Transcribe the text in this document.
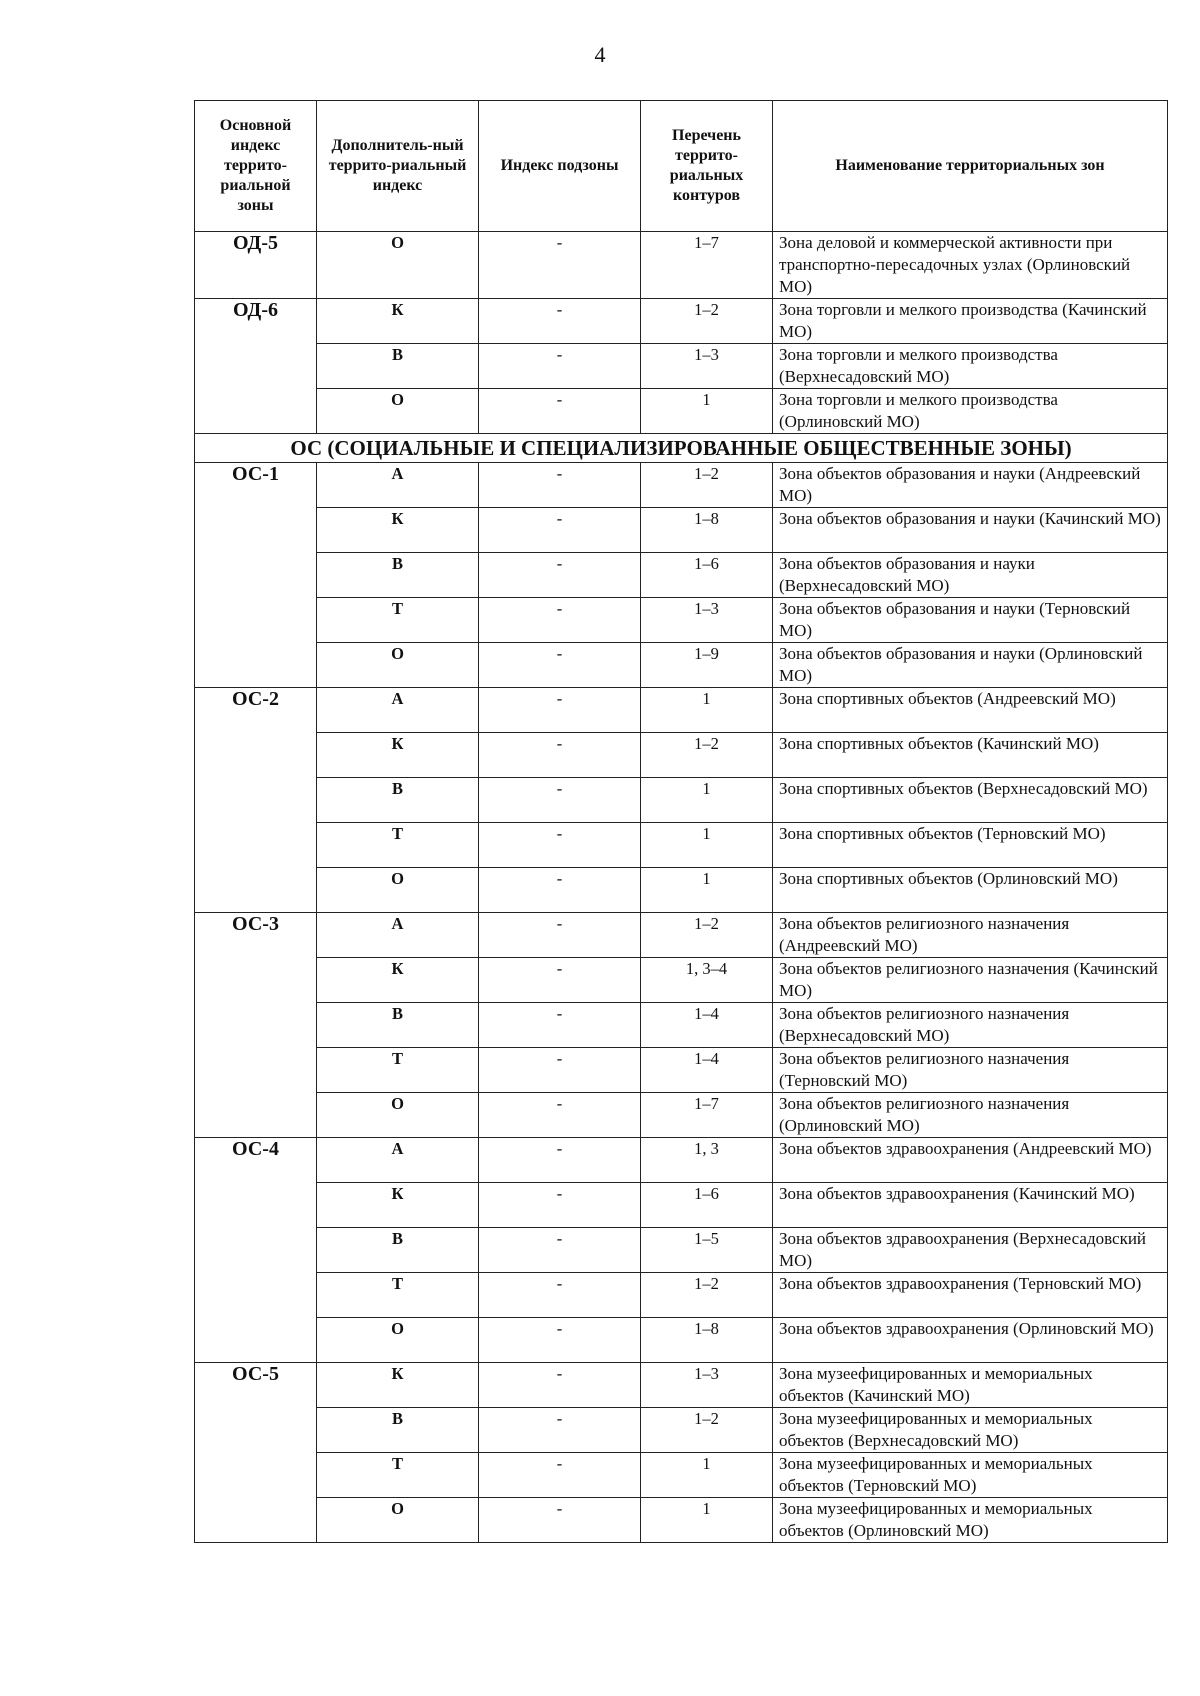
4
Основной индекс террито-риальной зоны	Дополнитель-ный террито-риальный индекс	Индекс подзоны	Перечень террито-риальных контуров	Наименование территориальных зон
ОД-5	О	-	1–7	Зона деловой и коммерческой активности при транспортно-пересадочных узлах (Орлиновский МО)
ОД-6	К	-	1–2	Зона торговли и мелкого производства (Качинский МО)
	В	-	1–3	Зона торговли и мелкого производства (Верхнесадовский МО)
	О	-	1	Зона торговли и мелкого производства (Орлиновский МО)
ОС (СОЦИАЛЬНЫЕ И СПЕЦИАЛИЗИРОВАННЫЕ ОБЩЕСТВЕННЫЕ ЗОНЫ)				
ОС-1	А	-	1–2	Зона объектов образования и науки (Андреевский МО)
	К	-	1–8	Зона объектов образования и науки (Качинский МО)
	В	-	1–6	Зона объектов образования и науки (Верхнесадовский МО)
	Т	-	1–3	Зона объектов образования и науки (Терновский МО)
	О	-	1–9	Зона объектов образования и науки (Орлиновский МО)
ОС-2	А	-	1	Зона спортивных объектов (Андреевский МО)
	К	-	1–2	Зона спортивных объектов (Качинский МО)
	В	-	1	Зона спортивных объектов (Верхнесадовский МО)
	Т	-	1	Зона спортивных объектов (Терновский МО)
	О	-	1	Зона спортивных объектов (Орлиновский МО)
ОС-3	А	-	1–2	Зона объектов религиозного назначения (Андреевский МО)
	К	-	1, 3–4	Зона объектов религиозного назначения (Качинский МО)
	В	-	1–4	Зона объектов религиозного назначения (Верхнесадовский МО)
	Т	-	1–4	Зона объектов религиозного назначения (Терновский МО)
	О	-	1–7	Зона объектов религиозного назначения (Орлиновский МО)
ОС-4	А	-	1, 3	Зона объектов здравоохранения (Андреевский МО)
	К	-	1–6	Зона объектов здравоохранения (Качинский МО)
	В	-	1–5	Зона объектов здравоохранения (Верхнесадовский МО)
	Т	-	1–2	Зона объектов здравоохранения (Терновский МО)
	О	-	1–8	Зона объектов здравоохранения (Орлиновский МО)
ОС-5	К	-	1–3	Зона музеефицированных и мемориальных объектов (Качинский МО)
	В	-	1–2	Зона музеефицированных и мемориальных объектов (Верхнесадовский МО)
	Т	-	1	Зона музеефицированных и мемориальных объектов (Терновский МО)
	О	-	1	Зона музеефицированных и мемориальных объектов (Орлиновский МО)
